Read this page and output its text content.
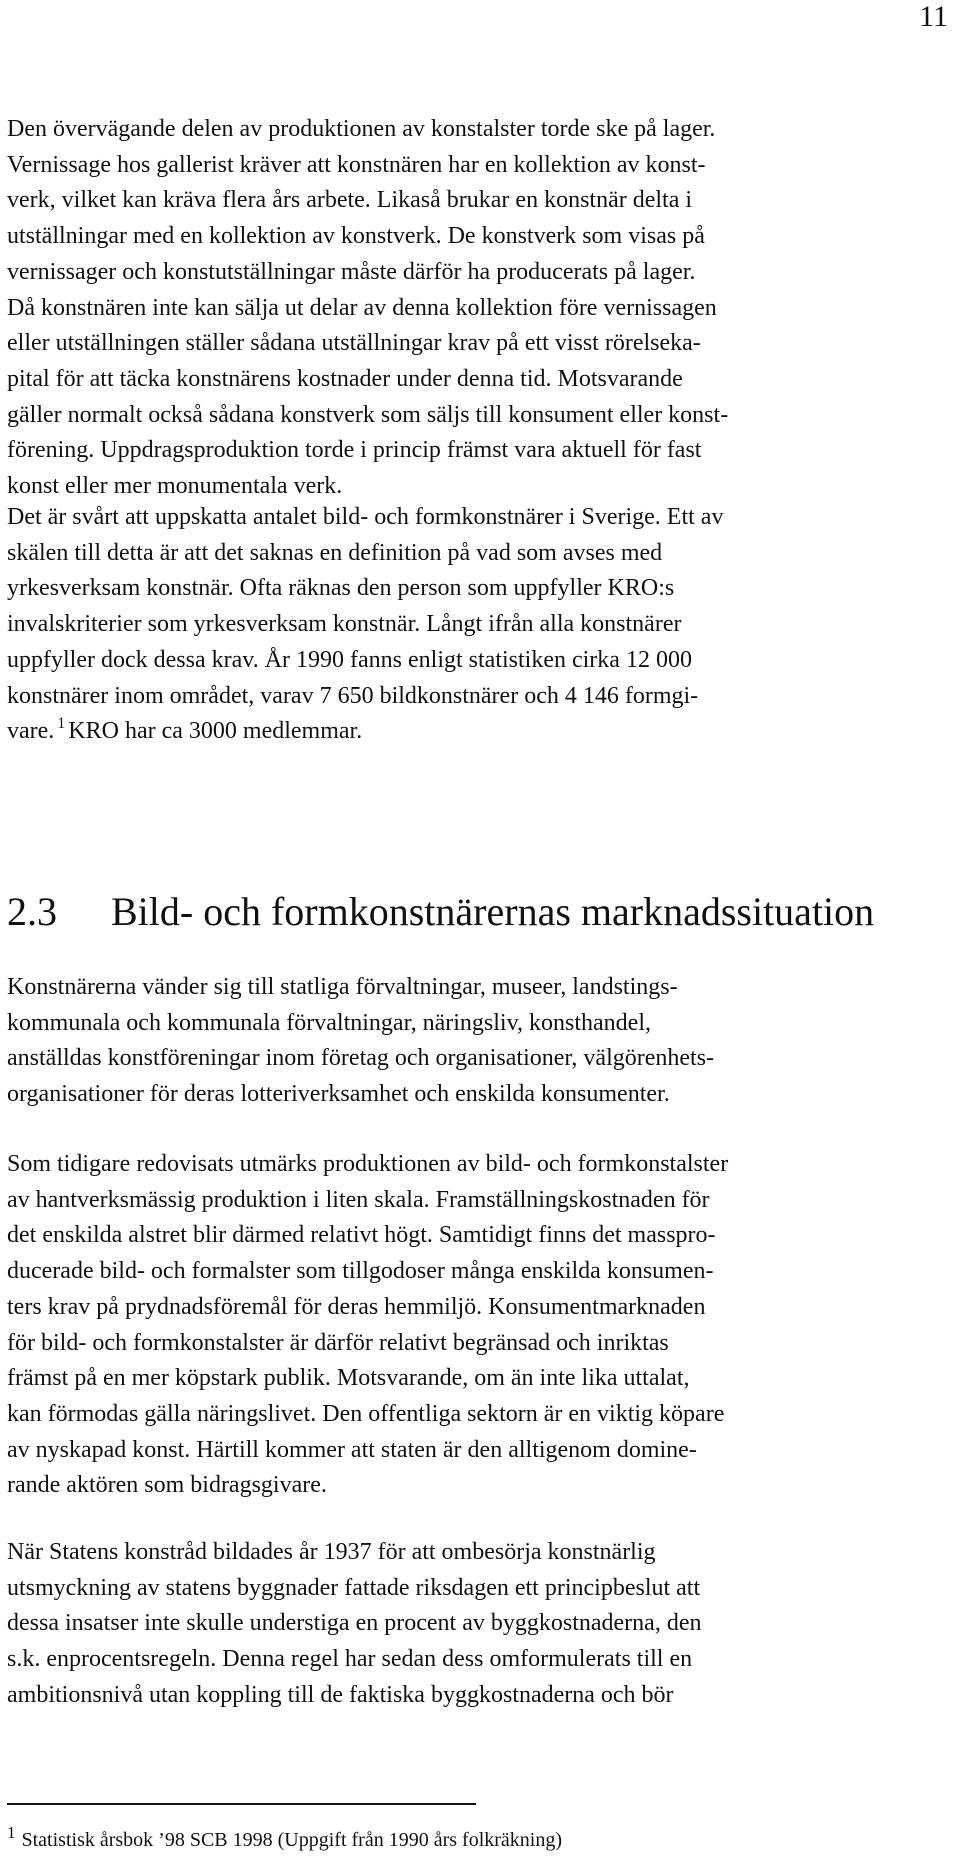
11
Den övervägande delen av produktionen av konstalster torde ske på lager.
Vernissage hos gallerist kräver att konstnären har en kollektion av konst-
verk, vilket kan kräva flera års arbete. Likaså brukar en konstnär delta i
utställningar med en kollektion av konstverk. De konstverk som visas på
vernissager och konstutställningar måste därför ha producerats på lager.
Då konstnären inte kan sälja ut delar av denna kollektion före vernissagen
eller utställningen ställer sådana utställningar krav på ett visst rörelseka-
pital för att täcka konstnärens kostnader under denna tid. Motsvarande
gäller normalt också sådana konstverk som säljs till konsument eller konst-
förening. Uppdragsproduktion torde i princip främst vara aktuell för fast
konst eller mer monumentala verk.
Det är svårt att uppskatta antalet bild- och formkonstnärer i Sverige. Ett av
skälen till detta är att det saknas en definition på vad som avses med
yrkesverksam konstnär. Ofta räknas den person som uppfyller KRO:s
invalskriterier som yrkesverksam konstnär. Långt ifrån alla konstnärer
uppfyller dock dessa krav. År 1990 fanns enligt statistiken cirka 12 000
konstnärer inom området, varav 7 650 bildkonstnärer och 4 146 formgi-
vare. $^1$ KRO har ca 3000 medlemmar.
2.3	Bild- och formkonstnärernas marknadssituation
Konstnärerna vänder sig till statliga förvaltningar, museer, landstings-
kommunala och kommunala förvaltningar, näringsliv, konsthandel,
anställdas konstföreningar inom företag och organisationer, välgörenhets-
organisationer för deras lotteriverksamhet och enskilda konsumenter.
Som tidigare redovisats utmärks produktionen av bild- och formkonstalster
av hantverksmässig produktion i liten skala. Framställningskostnaden för
det enskilda alstret blir därmed relativt högt. Samtidigt finns det masspro-
ducerade bild- och formalster som tillgodoser många enskilda konsumen-
ters krav på prydnadsföremål för deras hemmiljö. Konsumentmarknaden
för bild- och formkonstalster är därför relativt begränsad och inriktas
främst på en mer köpstark publik. Motsvarande, om än inte lika uttalat,
kan förmodas gälla näringslivet. Den offentliga sektorn är en viktig köpare
av nyskapad konst. Härtill kommer att staten är den alltigenom domine-
rande aktören som bidragsgivare.
När Statens konstråd bildades år 1937 för att ombesörja konstnärlig
utsmyckning av statens byggnader fattade riksdagen ett principbeslut att
dessa insatser inte skulle understiga en procent av byggkostnaderna, den
s.k. enprocentsregeln. Denna regel har sedan dess omformulerats till en
ambitionsnivå utan koppling till de faktiska byggkostnaderna och bör
$^1$ Statistisk årsbok ’98 SCB 1998 (Uppgift från 1990 års folkräkning)
